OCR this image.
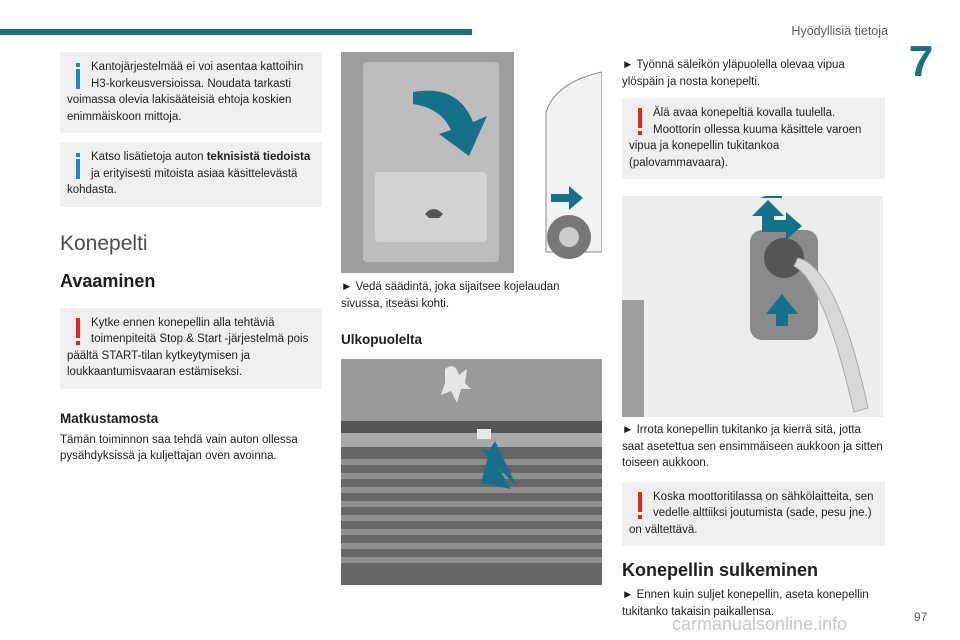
Hyödyllisiä tietoja
7
97
carmanualsonline.info

Kantojärjestelmää ei voi asentaa kattoihin H3-korkeusversioissa. Noudata tarkasti voimassa olevia lakisääteisiä ehtoja koskien enimmäiskoon mittoja.

Katso lisätietoja auton teknisistä tiedoista ja erityisesti mitoista asiaa käsittelevästä kohdasta.

Konepelti
Avaaminen

Kytke ennen konepellin alla tehtäviä toimenpiteitä Stop & Start -järjestelmä pois päältä START-tilan kytkeytymisen ja loukkaantumisvaaran estämiseksi.

Matkustamosta

Tämän toiminnon saa tehdä vain auton ollessa pysähdyksissä ja kuljettajan oven avoinna.

► Vedä säädintä, joka sijaitsee kojelaudan sivussa, itseäsi kohti.

Ulkopuolelta

► Työnnä säleikön yläpuolella olevaa vipua ylöspäin ja nosta konepelti.

Älä avaa konepeltiä kovalla tuulella. Moottorin ollessa kuuma käsittele varoen vipua ja konepellin tukitankoa (palovammavaara).

► Irrota konepellin tukitanko ja kierrä sitä, jotta saat asetettua sen ensimmäiseen aukkoon ja sitten toiseen aukkoon.

Koska moottoritilassa on sähkölaitteita, sen vedelle alttiiksi joutumista (sade, pesu jne.) on vältettävä.

Konepellin sulkeminen

► Ennen kuin suljet konepellin, aseta konepellin tukitanko takaisin paikallensa.
